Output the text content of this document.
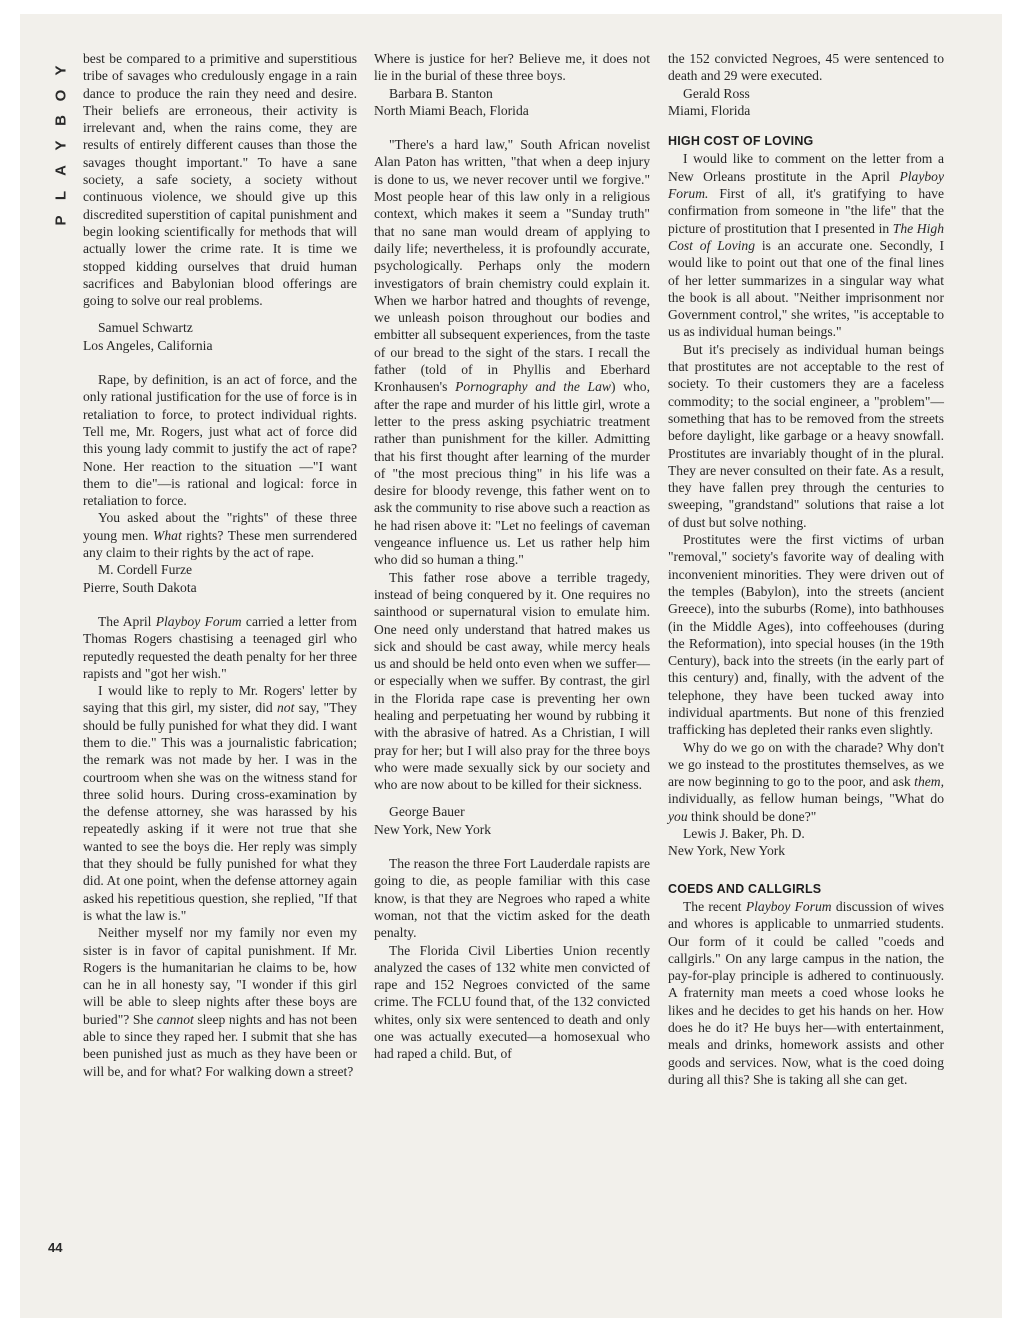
Y
O
B
Y
A
L
P
44

best be compared to a primitive and superstitious tribe of savages who credulously engage in a rain dance to produce the rain they need and desire. Their beliefs are erroneous, their activity is irrelevant and, when the rains come, they are results of entirely different causes than those the savages thought important." To have a sane society, a safe society, a society without continuous violence, we should give up this discredited superstition of capital punishment and begin looking scientifically for methods that will actually lower the crime rate. It is time we stopped kidding ourselves that druid human sacrifices and Babylonian blood offerings are going to solve our real problems.

Samuel Schwartz
Los Angeles, California

Rape, by definition, is an act of force, and the only rational justification for the use of force is in retaliation to force, to protect individual rights. Tell me, Mr. Rogers, just what act of force did this young lady commit to justify the act of rape? None. Her reaction to the situation —"I want them to die"—is rational and logical: force in retaliation to force.

You asked about the "rights" of these three young men. What rights? These men surrendered any claim to their rights by the act of rape.

M. Cordell Furze
Pierre, South Dakota

The April Playboy Forum carried a letter from Thomas Rogers chastising a teenaged girl who reputedly requested the death penalty for her three rapists and "got her wish."

I would like to reply to Mr. Rogers' letter by saying that this girl, my sister, did not say, "They should be fully punished for what they did. I want them to die." This was a journalistic fabrication; the remark was not made by her. I was in the courtroom when she was on the witness stand for three solid hours. During cross-examination by the defense attorney, she was harassed by his repeatedly asking if it were not true that she wanted to see the boys die. Her reply was simply that they should be fully punished for what they did. At one point, when the defense attorney again asked his repetitious question, she replied, "If that is what the law is."

Neither myself nor my family nor even my sister is in favor of capital punishment. If Mr. Rogers is the humanitarian he claims to be, how can he in all honesty say, "I wonder if this girl will be able to sleep nights after these boys are buried"? She cannot sleep nights and has not been able to since they raped her. I submit that she has been punished just as much as they have been or will be, and for what? For walking down a street?

Where is justice for her? Believe me, it does not lie in the burial of these three boys.

Barbara B. Stanton
North Miami Beach, Florida

"There's a hard law," South African novelist Alan Paton has written, "that when a deep injury is done to us, we never recover until we forgive." Most people hear of this law only in a religious context, which makes it seem a "Sunday truth" that no sane man would dream of applying to daily life; nevertheless, it is profoundly accurate, psychologically. Perhaps only the modern investigators of brain chemistry could explain it. When we harbor hatred and thoughts of revenge, we unleash poison throughout our bodies and embitter all subsequent experiences, from the taste of our bread to the sight of the stars. I recall the father (told of in Phyllis and Eberhard Kronhausen's Pornography and the Law) who, after the rape and murder of his little girl, wrote a letter to the press asking psychiatric treatment rather than punishment for the killer. Admitting that his first thought after learning of the murder of "the most precious thing" in his life was a desire for bloody revenge, this father went on to ask the community to rise above such a reaction as he had risen above it: "Let no feelings of caveman vengeance influence us. Let us rather help him who did so human a thing."

This father rose above a terrible tragedy, instead of being conquered by it. One requires no sainthood or supernatural vision to emulate him. One need only understand that hatred makes us sick and should be cast away, while mercy heals us and should be held onto even when we suffer—or especially when we suffer. By contrast, the girl in the Florida rape case is preventing her own healing and perpetuating her wound by rubbing it with the abrasive of hatred. As a Christian, I will pray for her; but I will also pray for the three boys who were made sexually sick by our society and who are now about to be killed for their sickness.

George Bauer
New York, New York

The reason the three Fort Lauderdale rapists are going to die, as people familiar with this case know, is that they are Negroes who raped a white woman, not that the victim asked for the death penalty.

The Florida Civil Liberties Union recently analyzed the cases of 132 white men convicted of rape and 152 Negroes convicted of the same crime. The FCLU found that, of the 132 convicted whites, only six were sentenced to death and only one was actually executed—a homosexual who had raped a child. But, of

the 152 convicted Negroes, 45 were sentenced to death and 29 were executed.

Gerald Ross
Miami, Florida

HIGH COST OF LOVING

I would like to comment on the letter from a New Orleans prostitute in the April Playboy Forum. First of all, it's gratifying to have confirmation from someone in "the life" that the picture of prostitution that I presented in The High Cost of Loving is an accurate one. Secondly, I would like to point out that one of the final lines of her letter summarizes in a singular way what the book is all about. "Neither imprisonment nor Government control," she writes, "is acceptable to us as individual human beings."

But it's precisely as individual human beings that prostitutes are not acceptable to the rest of society. To their customers they are a faceless commodity; to the social engineer, a "problem"—something that has to be removed from the streets before daylight, like garbage or a heavy snowfall. Prostitutes are invariably thought of in the plural. They are never consulted on their fate. As a result, they have fallen prey through the centuries to sweeping, "grandstand" solutions that raise a lot of dust but solve nothing.

Prostitutes were the first victims of urban "removal," society's favorite way of dealing with inconvenient minorities. They were driven out of the temples (Babylon), into the streets (ancient Greece), into the suburbs (Rome), into bathhouses (in the Middle Ages), into coffeehouses (during the Reformation), into special houses (in the 19th Century), back into the streets (in the early part of this century) and, finally, with the advent of the telephone, they have been tucked away into individual apartments. But none of this frenzied trafficking has depleted their ranks even slightly.

Why do we go on with the charade? Why don't we go instead to the prostitutes themselves, as we are now beginning to go to the poor, and ask them, individually, as fellow human beings, "What do you think should be done?"

Lewis J. Baker, Ph. D.
New York, New York

COEDS AND CALLGIRLS

The recent Playboy Forum discussion of wives and whores is applicable to unmarried students. Our form of it could be called "coeds and callgirls." On any large campus in the nation, the pay-for-play principle is adhered to continuously. A fraternity man meets a coed whose looks he likes and he decides to get his hands on her. How does he do it? He buys her—with entertainment, meals and drinks, homework assists and other goods and services. Now, what is the coed doing during all this? She is taking all she can get.
